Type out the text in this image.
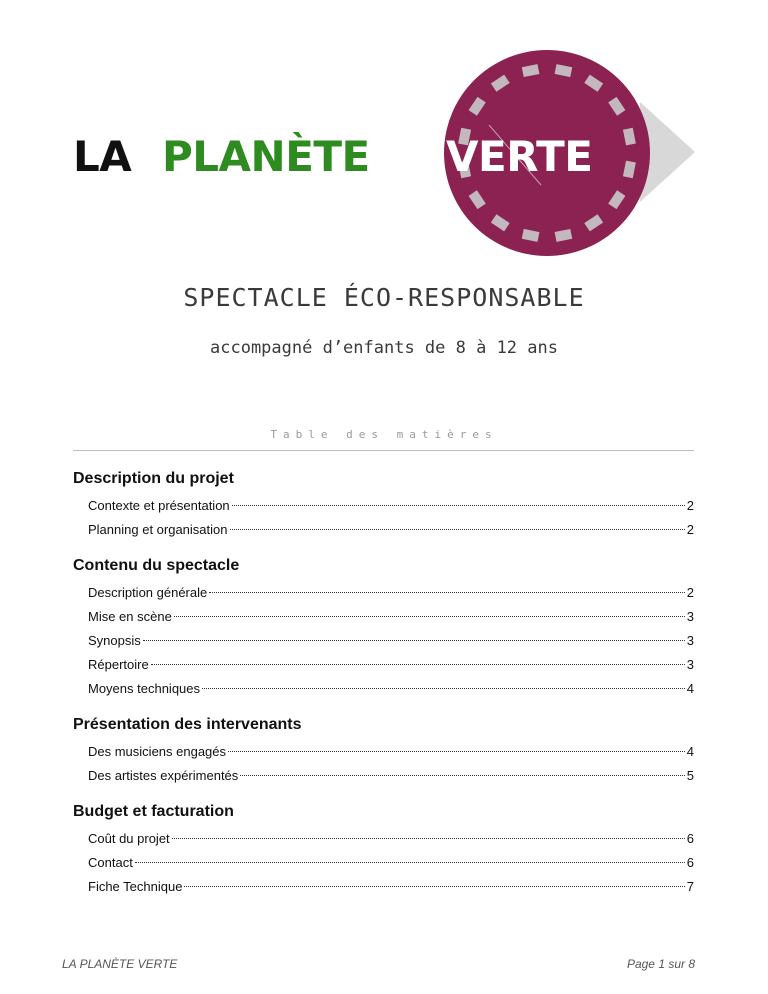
LA PLANÈTE VERTE
SPECTACLE ÉCO-RESPONSABLE
accompagné d’enfants de 8 à 12 ans
Table des matières
Description du projet
Contexte et présentation	2
Planning et organisation	2
Contenu du spectacle
Description générale	2
Mise en scène	3
Synopsis	3
Répertoire	3
Moyens techniques	4
Présentation des intervenants
Des musiciens engagés	4
Des artistes expérimentés	5
Budget et facturation
Coût du projet	6
Contact	6
Fiche Technique	7
LA PLANÈTE VERTE	Page 1 sur 8
